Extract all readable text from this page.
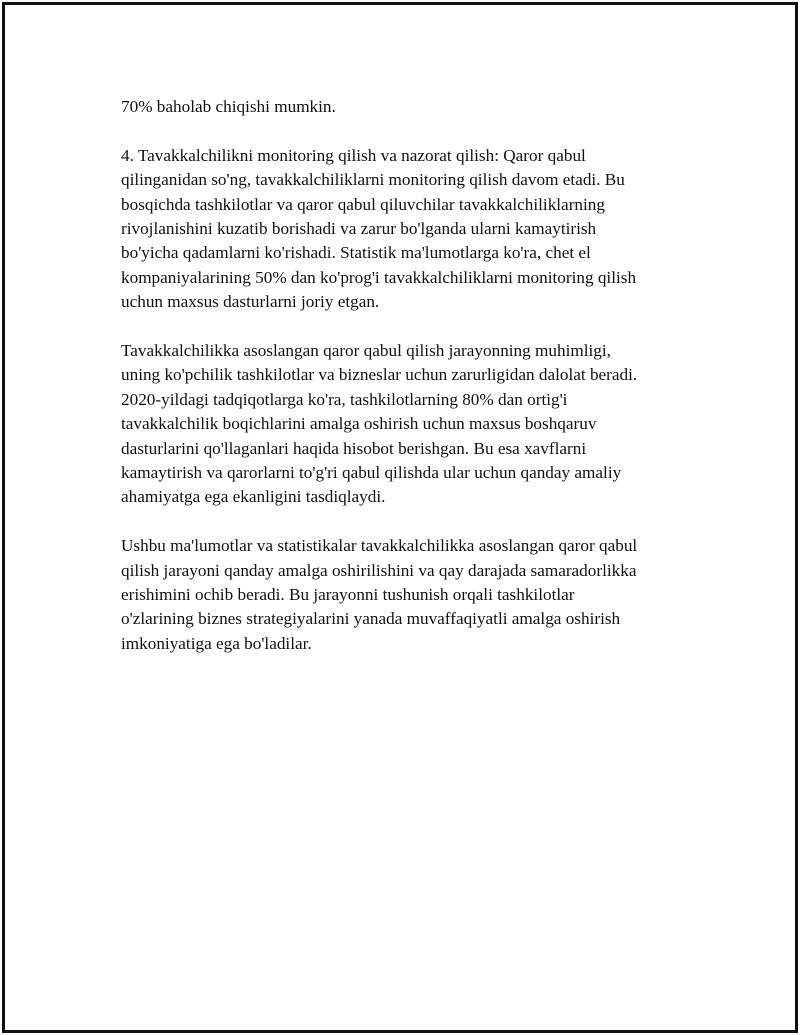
70% baholab chiqishi mumkin.

4. Tavakkalchilikni monitoring qilish va nazorat qilish: Qaror qabul
qilinganidan so'ng, tavakkalchiliklarni monitoring qilish davom etadi. Bu
bosqichda tashkilotlar va qaror qabul qiluvchilar tavakkalchiliklarning
rivojlanishini kuzatib borishadi va zarur bo'lganda ularni kamaytirish
bo'yicha qadamlarni ko'rishadi. Statistik ma'lumotlarga ko'ra, chet el
kompaniyalarining 50% dan ko'prog'i tavakkalchiliklarni monitoring qilish
uchun maxsus dasturlarni joriy etgan.

Tavakkalchilikka asoslangan qaror qabul qilish jarayonning muhimligi,
uning ko'pchilik tashkilotlar va bizneslar uchun zarurligidan dalolat beradi.
2020-yildagi tadqiqotlarga ko'ra, tashkilotlarning 80% dan ortig'i
tavakkalchilik boqichlarini amalga oshirish uchun maxsus boshqaruv
dasturlarini qo'llaganlari haqida hisobot berishgan. Bu esa xavflarni
kamaytirish va qarorlarni to'g'ri qabul qilishda ular uchun qanday amaliy
ahamiyatga ega ekanligini tasdiqlaydi.

Ushbu ma'lumotlar va statistikalar tavakkalchilikka asoslangan qaror qabul
qilish jarayoni qanday amalga oshirilishini va qay darajada samaradorlikka
erishimini ochib beradi. Bu jarayonni tushunish orqali tashkilotlar
o'zlarining biznes strategiyalarini yanada muvaffaqiyatli amalga oshirish
imkoniyatiga ega bo'ladilar.
